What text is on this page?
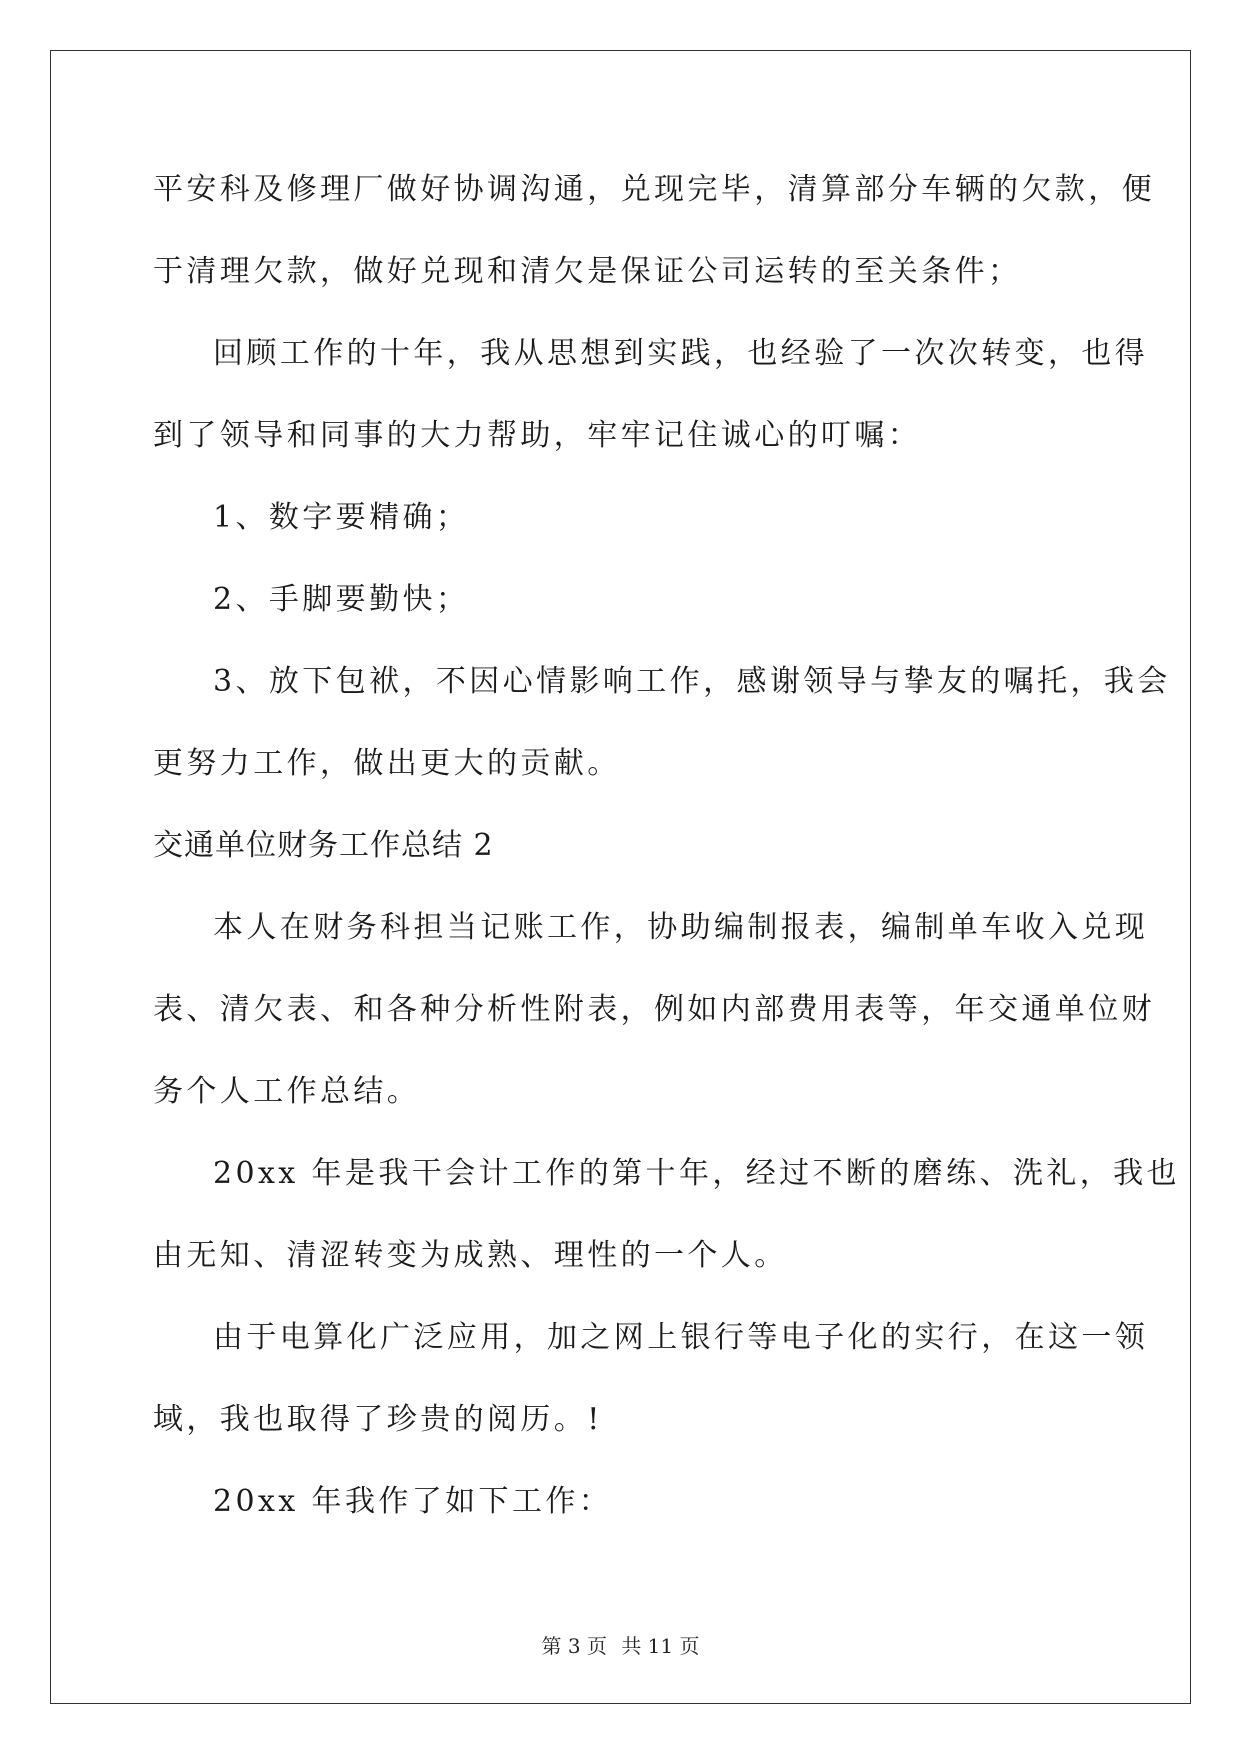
平安科及修理厂做好协调沟通，兑现完毕，清算部分车辆的欠款，便
于清理欠款，做好兑现和清欠是保证公司运转的至关条件；
回顾工作的十年，我从思想到实践，也经验了一次次转变，也得
到了领导和同事的大力帮助，牢牢记住诚心的叮嘱：
1、数字要精确；
2、手脚要勤快；
3、放下包袱，不因心情影响工作，感谢领导与挚友的嘱托，我会
更努力工作，做出更大的贡献。
交通单位财务工作总结 2
本人在财务科担当记账工作，协助编制报表，编制单车收入兑现
表、清欠表、和各种分析性附表，例如内部费用表等，年交通单位财
务个人工作总结。
20xx 年是我干会计工作的第十年，经过不断的磨练、洗礼，我也
由无知、清涩转变为成熟、理性的一个人。
由于电算化广泛应用，加之网上银行等电子化的实行，在这一领
域，我也取得了珍贵的阅历。!
20xx 年我作了如下工作：
第 3 页 共 11 页
